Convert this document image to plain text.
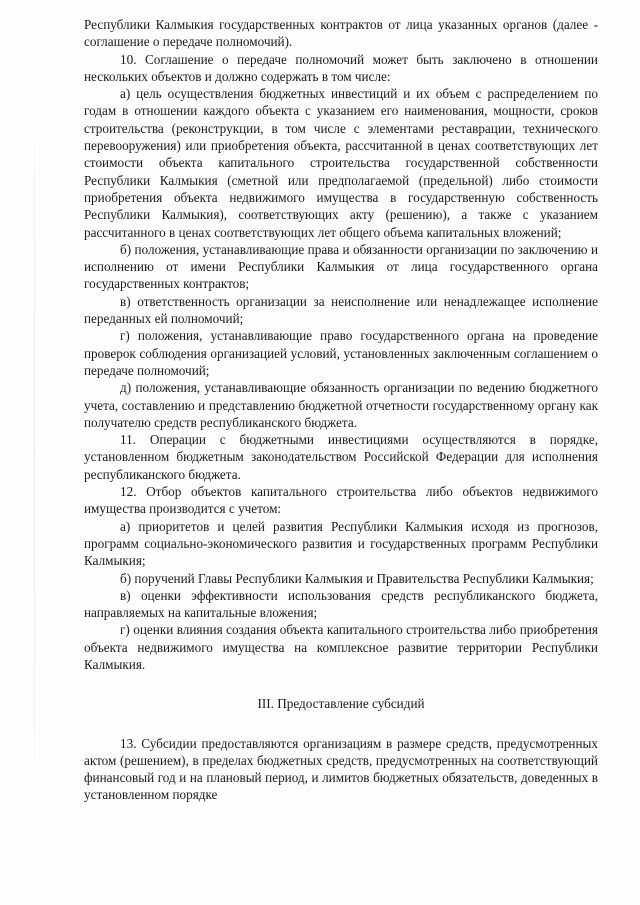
Республики Калмыкия государственных контрактов от лица указанных органов (далее - соглашение о передаче полномочий).

10. Соглашение о передаче полномочий может быть заключено в отношении нескольких объектов и должно содержать в том числе:

а) цель осуществления бюджетных инвестиций и их объем с распределением по годам в отношении каждого объекта с указанием его наименования, мощности, сроков строительства (реконструкции, в том числе с элементами реставрации, технического перевооружения) или приобретения объекта, рассчитанной в ценах соответствующих лет стоимости объекта капитального строительства государственной собственности Республики Калмыкия (сметной или предполагаемой (предельной) либо стоимости приобретения объекта недвижимого имущества в государственную собственность Республики Калмыкия), соответствующих акту (решению), а также с указанием рассчитанного в ценах соответствующих лет общего объема капитальных вложений;

б) положения, устанавливающие права и обязанности организации по заключению и исполнению от имени Республики Калмыкия от лица государственного органа государственных контрактов;

в) ответственность организации за неисполнение или ненадлежащее исполнение переданных ей полномочий;

г) положения, устанавливающие право государственного органа на проведение проверок соблюдения организацией условий, установленных заключенным соглашением о передаче полномочий;

д) положения, устанавливающие обязанность организации по ведению бюджетного учета, составлению и представлению бюджетной отчетности государственному органу как получателю средств республиканского бюджета.

11. Операции с бюджетными инвестициями осуществляются в порядке, установленном бюджетным законодательством Российской Федерации для исполнения республиканского бюджета.

12. Отбор объектов капитального строительства либо объектов недвижимого имущества производится с учетом:

а) приоритетов и целей развития Республики Калмыкия исходя из прогнозов, программ социально-экономического развития и государственных программ Республики Калмыкия;

б) поручений Главы Республики Калмыкия и Правительства Республики Калмыкия;

в) оценки эффективности использования средств республиканского бюджета, направляемых на капитальные вложения;

г) оценки влияния создания объекта капитального строительства либо приобретения объекта недвижимого имущества на комплексное развитие территории Республики Калмыкия.

III. Предоставление субсидий

13. Субсидии предоставляются организациям в размере средств, предусмотренных актом (решением), в пределах бюджетных средств, предусмотренных на соответствующий финансовый год и на плановый период, и лимитов бюджетных обязательств, доведенных в установленном порядке
